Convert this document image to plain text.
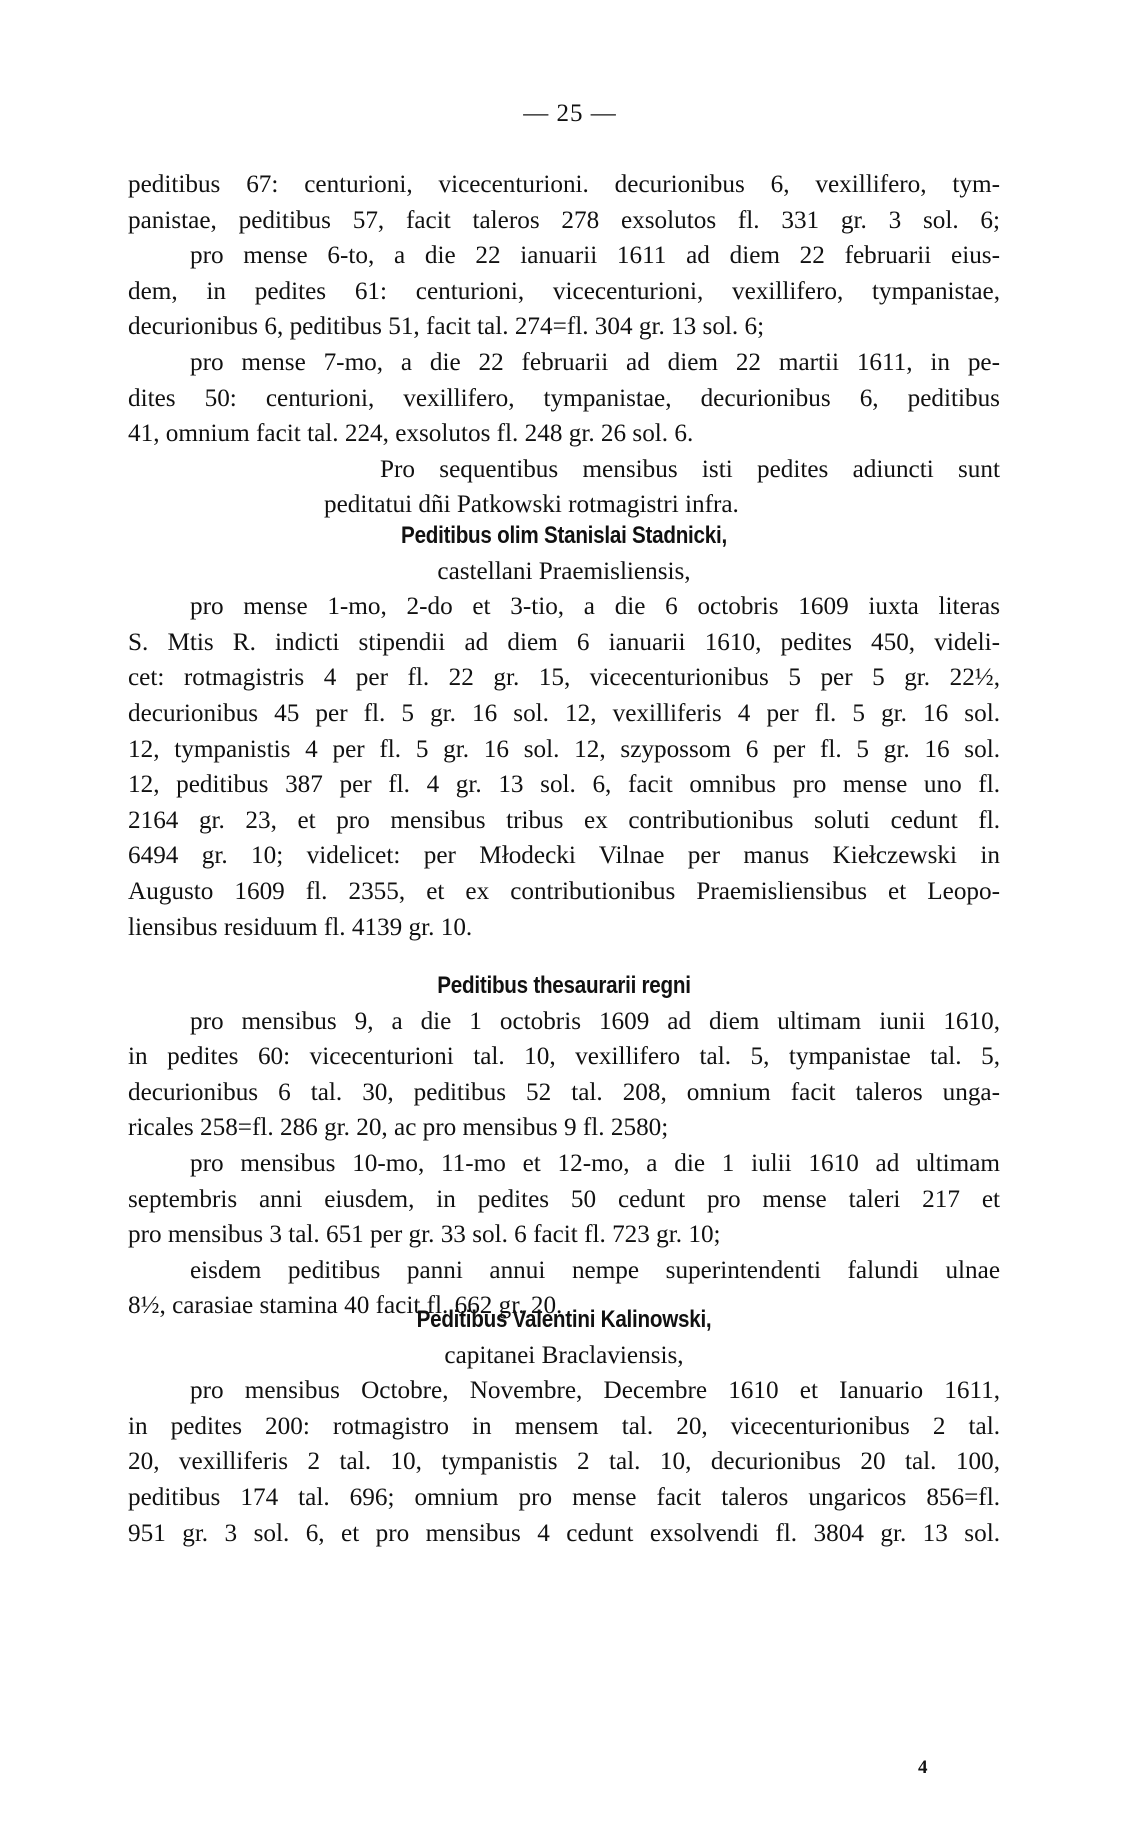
— 25 —
peditibus 67: centurioni, vicecenturioni. decurionibus 6, vexillifero, tym-
panistae, peditibus 57, facit taleros 278 exsolutos fl. 331 gr. 3 sol. 6;
pro mense 6-to, a die 22 ianuarii 1611 ad diem 22 februarii eius-
dem, in pedites 61: centurioni, vicecenturioni, vexillifero, tympanistae,
decurionibus 6, peditibus 51, facit tal. 274=fl. 304 gr. 13 sol. 6;
pro mense 7-mo, a die 22 februarii ad diem 22 martii 1611, in pe-
dites 50: centurioni, vexillifero, tympanistae, decurionibus 6, peditibus
41, omnium facit tal. 224, exsolutos fl. 248 gr. 26 sol. 6.
Pro sequentibus mensibus isti pedites adiuncti sunt
peditatui dñi Patkowski rotmagistri infra.
Peditibus olim Stanislai Stadnicki,
castellani Praemisliensis,
pro mense 1-mo, 2-do et 3-tio, a die 6 octobris 1609 iuxta literas
S. Mtis R. indicti stipendii ad diem 6 ianuarii 1610, pedites 450, videli-
cet: rotmagistris 4 per fl. 22 gr. 15, vicecenturionibus 5 per 5 gr. 22½,
decurionibus 45 per fl. 5 gr. 16 sol. 12, vexilliferis 4 per fl. 5 gr. 16 sol.
12, tympanistis 4 per fl. 5 gr. 16 sol. 12, szypossom 6 per fl. 5 gr. 16 sol.
12, peditibus 387 per fl. 4 gr. 13 sol. 6, facit omnibus pro mense uno fl.
2164 gr. 23, et pro mensibus tribus ex contributionibus soluti cedunt fl.
6494 gr. 10; videlicet: per Młodecki Vilnae per manus Kiełczewski in
Augusto 1609 fl. 2355, et ex contributionibus Praemisliensibus et Leopo-
liensibus residuum fl. 4139 gr. 10.
Peditibus thesaurarii regni
pro mensibus 9, a die 1 octobris 1609 ad diem ultimam iunii 1610,
in pedites 60: vicecenturioni tal. 10, vexillifero tal. 5, tympanistae tal. 5,
decurionibus 6 tal. 30, peditibus 52 tal. 208, omnium facit taleros unga-
ricales 258=fl. 286 gr. 20, ac pro mensibus 9 fl. 2580;
pro mensibus 10-mo, 11-mo et 12-mo, a die 1 iulii 1610 ad ultimam
septembris anni eiusdem, in pedites 50 cedunt pro mense taleri 217 et
pro mensibus 3 tal. 651 per gr. 33 sol. 6 facit fl. 723 gr. 10;
eisdem peditibus panni annui nempe superintendenti falundi ulnae
8½, carasiae stamina 40 facit fl. 662 gr. 20.
Peditibus Valentini Kalinowski,
capitanei Braclaviensis,
pro mensibus Octobre, Novembre, Decembre 1610 et Ianuario 1611,
in pedites 200: rotmagistro in mensem tal. 20, vicecenturionibus 2 tal.
20, vexilliferis 2 tal. 10, tympanistis 2 tal. 10, decurionibus 20 tal. 100,
peditibus 174 tal. 696; omnium pro mense facit taleros ungaricos 856=fl.
951 gr. 3 sol. 6, et pro mensibus 4 cedunt exsolvendi fl. 3804 gr. 13 sol.
4
